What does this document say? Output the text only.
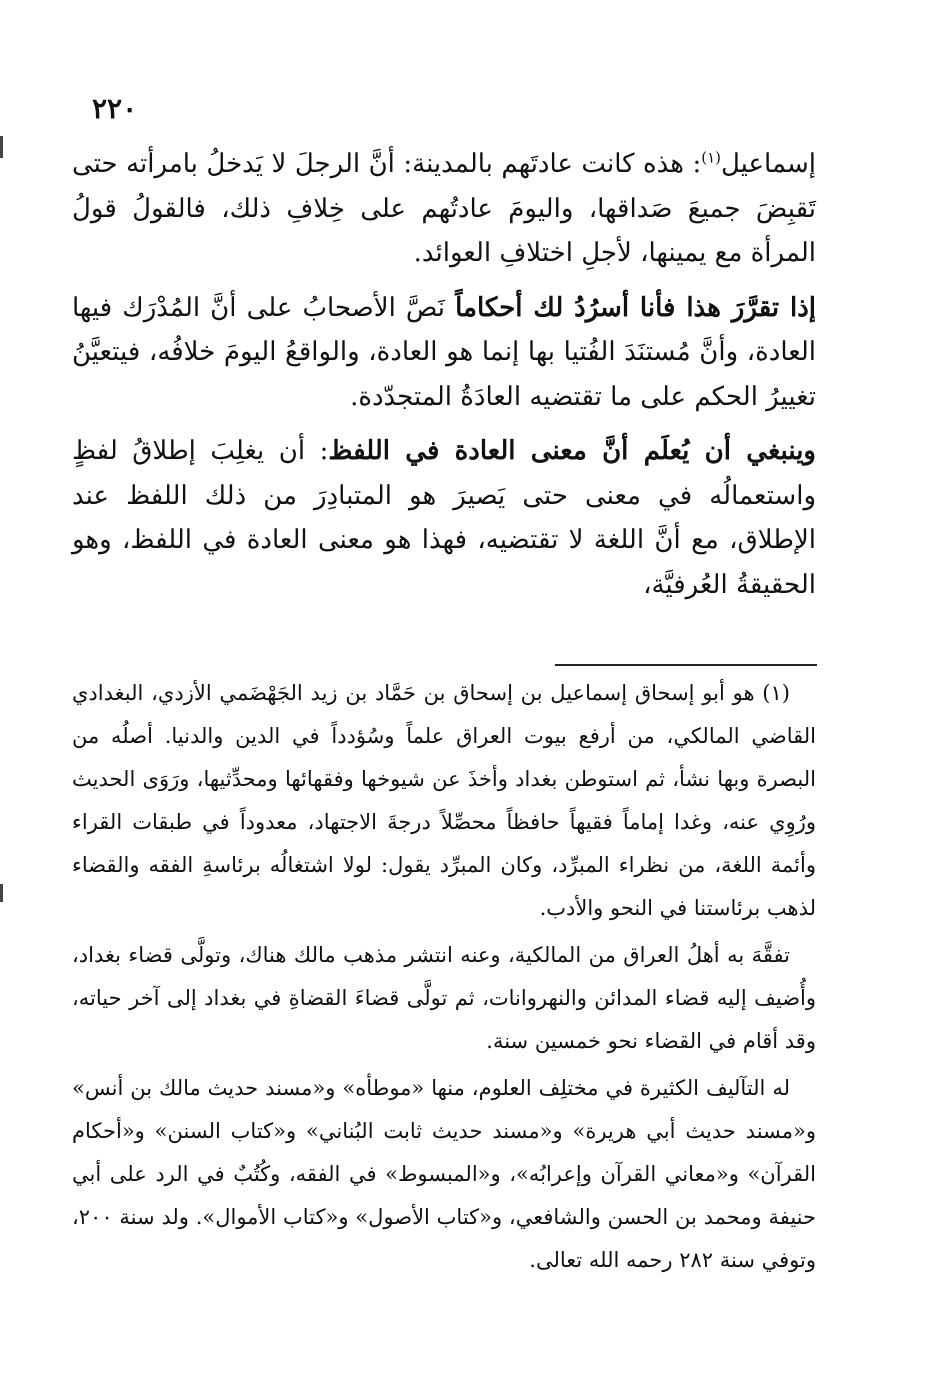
٢٢٠

إسماعيل$^{(١)}$: هذه كانت عادتَهم بالمدينة: أنَّ الرجلَ لا يَدخلُ بامرأته حتى تَقبِضَ جميعَ صَداقها، واليومَ عادتُهم على خِلافِ ذلك، فالقولُ قولُ المرأة مع يمينها، لأجلِ اختلافِ العوائد.

إذا تقرَّرَ هذا فأنا أسرُدُ لك أحكاماً نَصَّ الأصحابُ على أنَّ المُدْرَك فيها العادة، وأنَّ مُستنَدَ الفُتيا بها إنما هو العادة، والواقعُ اليومَ خلافُه، فيتعيَّنُ تغييرُ الحكم على ما تقتضيه العادَةُ المتجدّدة.

وينبغي أن يُعلَم أنَّ معنى العادة في اللفظ: أن يغلِبَ إطلاقُ لفظٍ واستعمالُه في معنى حتى يَصيرَ هو المتبادِرَ من ذلك اللفظ عند الإطلاق، مع أنَّ اللغة لا تقتضيه، فهذا هو معنى العادة في اللفظ، وهو الحقيقةُ العُرفيَّة،

(١) هو أبو إسحاق إسماعيل بن إسحاق بن حَمَّاد بن زيد الجَهْضَمي الأزدي، البغدادي القاضي المالكي، من أرفع بيوت العراق علماً وسُؤدداً في الدين والدنيا. أصلُه من البصرة وبها نشأ، ثم استوطن بغداد وأخذَ عن شيوخها وفقهائها ومحدِّثيها، ورَوَى الحديث ورُوِي عنه، وغدا إماماً فقيهاً حافظاً محصِّلاً درجةَ الاجتهاد، معدوداً في طبقات القراء وأئمة اللغة، من نظراء المبرِّد، وكان المبرِّد يقول: لولا اشتغالُه برئاسةِ الفقه والقضاء لذهب برئاستنا في النحو والأدب.

تفقَّهَ به أهلُ العراق من المالكية، وعنه انتشر مذهب مالك هناك، وتولَّى قضاء بغداد، وأُضيف إليه قضاء المدائن والنهروانات، ثم تولَّى قضاءَ القضاةِ في بغداد إلى آخر حياته، وقد أقام في القضاء نحو خمسين سنة.

له التآليف الكثيرة في مختلِف العلوم، منها «موطأه» و«مسند حديث مالك بن أنس» و«مسند حديث أبي هريرة» و«مسند حديث ثابت البُناني» و«كتاب السنن» و«أحكام القرآن» و«معاني القرآن وإعرابُه»، و«المبسوط» في الفقه، وكُتُبٌ في الرد على أبي حنيفة ومحمد بن الحسن والشافعي، و«كتاب الأصول» و«كتاب الأموال». ولد سنة ٢٠٠، وتوفي سنة ٢٨٢ رحمه الله تعالى.
